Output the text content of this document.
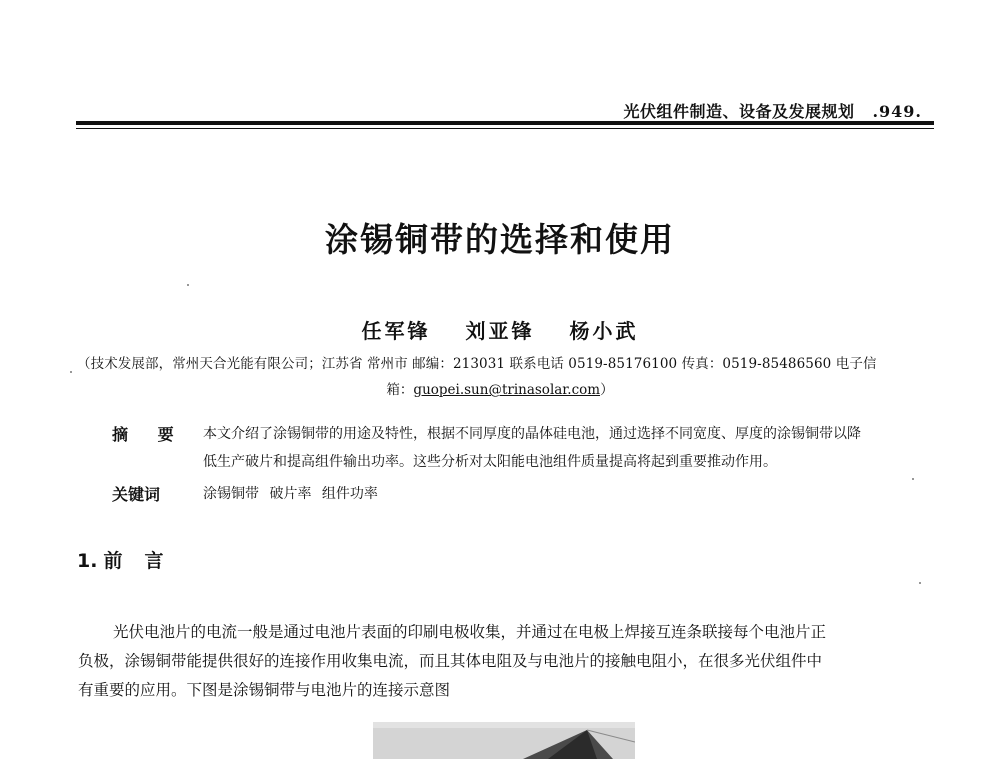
光伏组件制造、设备及发展规划 .949.
涂锡铜带的选择和使用
任军锋 刘亚锋 杨小武
（技术发展部，常州天合光能有限公司；江苏省 常州市 邮编：213031 联系电话 0519-85176100 传真：0519-85486560 电子信
箱：guopei.sun@trinasolar.com）
摘 要 本文介绍了涂锡铜带的用途及特性，根据不同厚度的晶体硅电池，通过选择不同宽度、厚度的涂锡铜带以降
低生产破片和提高组件输出功率。这些分析对太阳能电池组件质量提高将起到重要推动作用。
关键词	涂锡铜带 破片率 组件功率
1. 前言
光伏电池片的电流一般是通过电池片表面的印刷电极收集，并通过在电极上焊接互连条联接每个电池片正
负极，涂锡铜带能提供很好的连接作用收集电流，而且其体电阻及与电池片的接触电阻小，在很多光伏组件中
有重要的应用。下图是涂锡铜带与电池片的连接示意图
